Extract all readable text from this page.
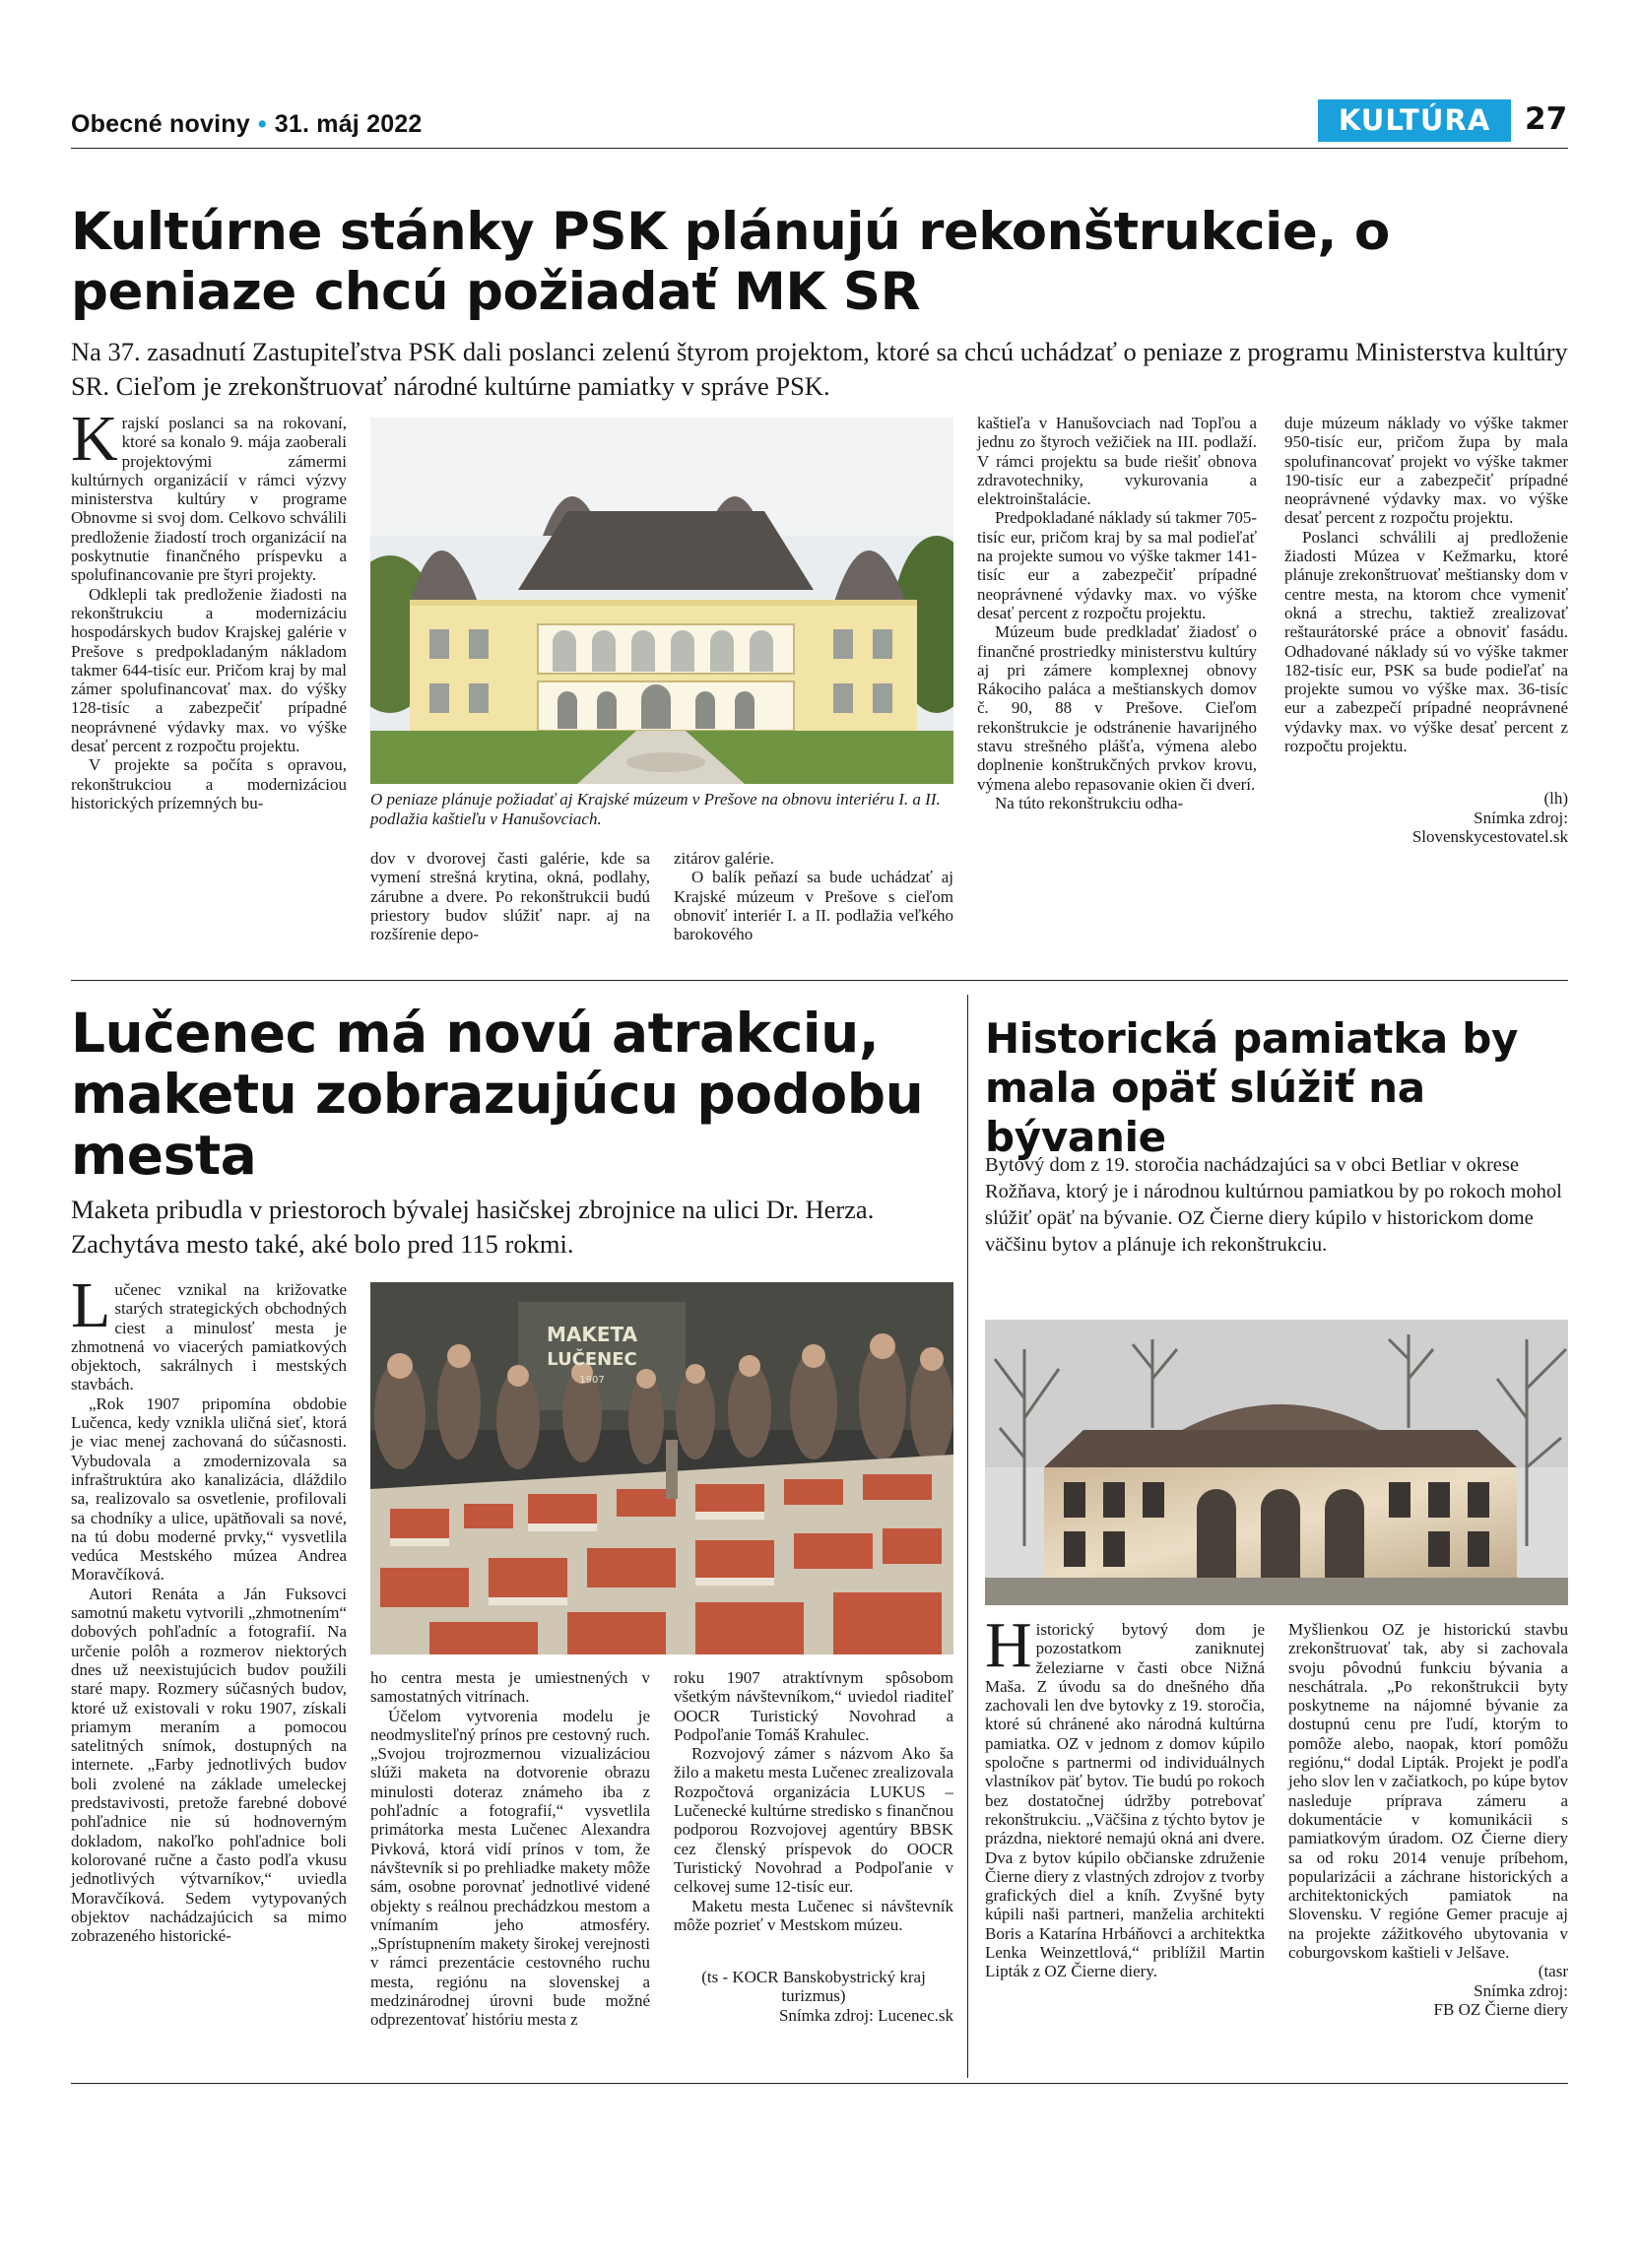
Obecné noviny • 31. máj 2022	KULTÚRA	27
Kultúrne stánky PSK plánujú rekonštrukcie, o peniaze chcú požiadať MK SR
Na 37. zasadnutí Zastupiteľstva PSK dali poslanci zelenú štyrom projektom, ktoré sa chcú uchádzať o peniaze z programu Ministerstva kultúry SR. Cieľom je zrekonštruovať národné kultúrne pamiatky v správe PSK.

Krajskí poslanci sa na rokovaní, ktoré sa konalo 9. mája zaoberali projektovými zámermi kultúrnych organizácií v rámci výzvy ministerstva kultúry v programe Obnovme si svoj dom. Celkovo schválili predloženie žiadostí troch organizácií na poskytnutie finančného príspevku a spolufinancovanie pre štyri projekty.

Odklepli tak predloženie žiadosti na rekonštrukciu a modernizáciu hospodárskych budov Krajskej galérie v Prešove s predpokladaným nákladom takmer 644-tisíc eur. Pričom kraj by mal zámer spolufinancovať max. do výšky 128-tisíc a zabezpečiť prípadné neoprávnené výdavky max. vo výške desať percent z rozpočtu projektu.

V projekte sa počíta s opravou, rekonštrukciou a modernizáciou historických prízemných bu-	O peniaze plánuje požiadať aj Krajské múzeum v Prešove na obnovu interiéru I. a II. podlažia kaštieľu v Hanušovciach.

dov v dvorovej časti galérie, kde sa vymení strešná krytina, okná, podlahy, zárubne a dvere. Po rekonštrukcii budú priestory budov slúžiť napr. aj na rozšírenie depo-

zitárov galérie.

O balík peňazí sa bude uchádzať aj Krajské múzeum v Prešove s cieľom obnoviť interiér I. a II. podlažia veľkého barokového

kaštieľa v Hanušovciach nad Topľou a jednu zo štyroch vežičiek na III. podlaží. V rámci projektu sa bude riešiť obnova zdravotechniky, vykurovania a elektroinštalácie.

Predpokladané náklady sú takmer 705-tisíc eur, pričom kraj by sa mal podieľať na projekte sumou vo výške takmer 141-tisíc eur a zabezpečiť prípadné neoprávnené výdavky max. vo výške desať percent z rozpočtu projektu.

Múzeum bude predkladať žiadosť o finančné prostriedky ministerstvu kultúry aj pri zámere komplexnej obnovy Rákociho paláca a meštianskych domov č. 90, 88 v Prešove. Cieľom rekonštrukcie je odstránenie havarijného stavu strešného plášťa, výmena alebo doplnenie konštrukčných prvkov krovu, výmena alebo repasovanie okien či dverí.

Na túto rekonštrukciu odha-

duje múzeum náklady vo výške takmer 950-tisíc eur, pričom župa by mala spolufinancovať projekt vo výške takmer 190-tisíc eur a zabezpečiť prípadné neoprávnené výdavky max. vo výške desať percent z rozpočtu projektu.

Poslanci schválili aj predloženie žiadosti Múzea v Kežmarku, ktoré plánuje zrekonštruovať meštiansky dom v centre mesta, na ktorom chce vymeniť okná a strechu, taktiež zrealizovať reštaurátorské práce a obnoviť fasádu. Odhadované náklady sú vo výške takmer 182-tisíc eur, PSK sa bude podieľať na projekte sumou vo výške max. 36-tisíc eur a zabezpečí prípadné neoprávnené výdavky max. vo výške desať percent z rozpočtu projektu.

(lh)

Snímka zdroj:

Slovenskycestovatel.sk

Lučenec má novú atrakciu, maketu zobrazujúcu podobu mesta
Maketa pribudla v priestoroch bývalej hasičskej zbrojnice na ulici Dr. Herza. Zachytáva mesto také, aké bolo pred 115 rokmi.

Lučenec vznikal na križovatke starých strategických obchodných ciest a minulosť mesta je zhmotnená vo viacerých pamiatkových objektoch, sakrálnych i mestských stavbách.

„Rok 1907 pripomína obdobie Lučenca, kedy vznikla uličná sieť, ktorá je viac menej zachovaná do súčasnosti. Vybudovala a zmodernizovala sa infraštruktúra ako kanalizácia, dláždilo sa, realizovalo sa osvetlenie, profilovali sa chodníky a ulice, upätňovali sa nové, na tú dobu moderné prvky,“ vysvetlila vedúca Mestského múzea Andrea Moravčíková.

Autori Renáta a Ján Fuksovci samotnú maketu vytvorili „zhmotnením“ dobových pohľadníc a fotografií. Na určenie polôh a rozmerov niektorých dnes už neexistujúcich budov použili staré mapy. Rozmery súčasných budov, ktoré už existovali v roku 1907, získali priamym meraním a pomocou satelitných snímok, dostupných na internete. „Farby jednotlivých budov boli zvolené na základe umeleckej predstavivosti, pretože farebné dobové pohľadnice nie sú hodnoverným dokladom, nakoľko pohľadnice boli kolorované ručne a často podľa vkusu jednotlivých výtvarníkov,“ uviedla Moravčíková. Sedem vytypovaných objektov nachádzajúcich sa mimo zobrazeného historické-

MAKETA
LUČENEC
1907

ho centra mesta je umiestnených v samostatných vitrínach.

Účelom vytvorenia modelu je neodmysliteľný prínos pre cestovný ruch. „Svojou trojrozmernou vizualizáciou slúži maketa na dotvorenie obrazu minulosti doteraz známeho iba z pohľadníc a fotografií,“ vysvetlila primátorka mesta Lučenec Alexandra Pivková, ktorá vidí prínos v tom, že návštevník si po prehliadke makety môže sám, osobne porovnať jednotlivé videné objekty s reálnou prechádzkou mestom a vnímaním jeho atmosféry. „Sprístupnením makety širokej verejnosti v rámci prezentácie cestovného ruchu mesta, regiónu na slovenskej a medzinárodnej úrovni bude možné odprezentovať históriu mesta z

roku 1907 atraktívnym spôsobom všetkým návštevníkom,“ uviedol riaditeľ OOCR Turistický Novohrad a Podpoľanie Tomáš Krahulec.

Rozvojový zámer s názvom Ako ša žilo a maketu mesta Lučenec zrealizovala Rozpočtová organizácia LUKUS – Lučenecké kultúrne stredisko s finančnou podporou Rozvojovej agentúry BBSK cez členský príspevok do OOCR Turistický Novohrad a Podpoľanie v celkovej sume 12-tisíc eur.

Maketu mesta Lučenec si návštevník môže pozrieť v Mestskom múzeu.

(ts - KOCR Banskobystrický kraj turizmus)

Snímka zdroj: Lucenec.sk

Historická pamiatka by mala opäť slúžiť na bývanie
Bytový dom z 19. storočia nachádzajúci sa v obci Betliar v okrese Rožňava, ktorý je i národnou kultúrnou pamiatkou by po rokoch mohol slúžiť opäť na bývanie. OZ Čierne diery kúpilo v historickom dome väčšinu bytov a plánuje ich rekonštrukciu.

Historický bytový dom je pozostatkom zaniknutej železiarne v časti obce Nižná Maša. Z úvodu sa do dnešného dňa zachovali len dve bytovky z 19. storočia, ktoré sú chránené ako národná kultúrna pamiatka. OZ v jednom z domov kúpilo spoločne s partnermi od individuálnych vlastníkov päť bytov. Tie budú po rokoch bez dostatočnej údržby potrebovať rekonštrukciu. „Väčšina z týchto bytov je prázdna, niektoré nemajú okná ani dvere. Dva z bytov kúpilo občianske združenie Čierne diery z vlastných zdrojov z tvorby grafických diel a kníh. Zvyšné byty kúpili naši partneri, manželia architekti Boris a Katarína Hrbáňovci a architektka Lenka Weinzettlová,“ priblížil Martin Lipták z OZ Čierne diery.

Myšlienkou OZ je historickú stavbu zrekonštruovať tak, aby si zachovala svoju pôvodnú funkciu bývania a neschátrala. „Po rekonštrukcii byty poskytneme na nájomné bývanie za dostupnú cenu pre ľudí, ktorým to pomôže alebo, naopak, ktorí pomôžu regiónu,“ dodal Lipták. Projekt je podľa jeho slov len v začiatkoch, po kúpe bytov nasleduje príprava zámeru a dokumentácie v komunikácii s pamiatkovým úradom. OZ Čierne diery sa od roku 2014 venuje príbehom, popularizácii a záchrane historických a architektonických pamiatok na Slovensku. V regióne Gemer pracuje aj na projekte zážitkového ubytovania v coburgovskom kaštieli v Jelšave.

(tasr

Snímka zdroj:

FB OZ Čierne diery
